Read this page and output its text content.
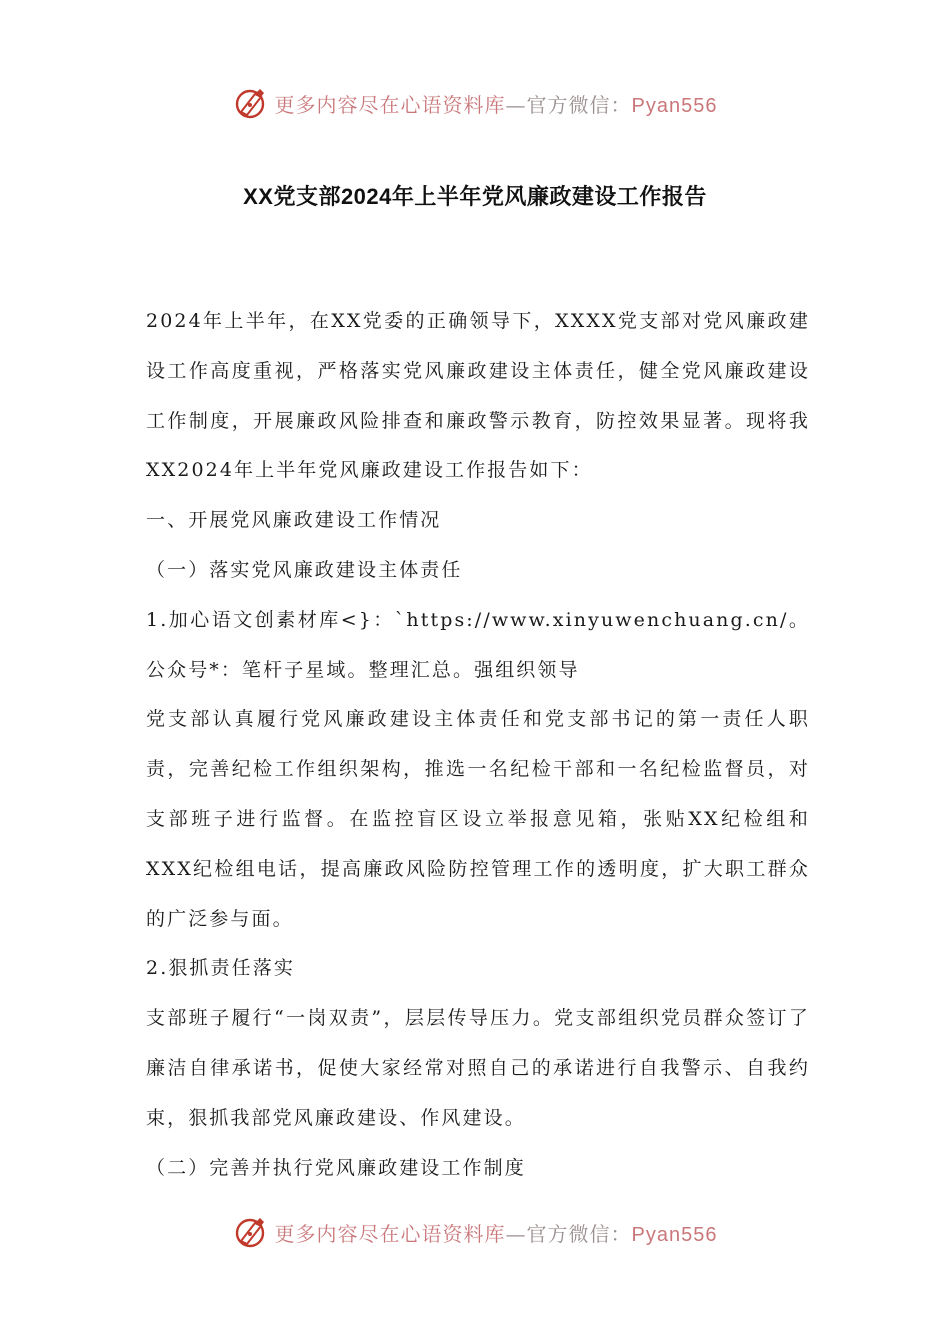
更多内容尽在心语资料库—官方微信：Pyan556
XX党支部2024年上半年党风廉政建设工作报告

2024年上半年，在XX党委的正确领导下，XXXX党支部对党风廉政建设工作高度重视，严格落实党风廉政建设主体责任，健全党风廉政建设工作制度，开展廉政风险排查和廉政警示教育，防控效果显著。现将我XX2024年上半年党风廉政建设工作报告如下：

一、开展党风廉政建设工作情况

（一）落实党风廉政建设主体责任

1.加心语文创素材库<}：`https://www.xinyuwenchuang.cn/。公众号*：笔杆子星域。整理汇总。强组织领导

党支部认真履行党风廉政建设主体责任和党支部书记的第一责任人职责，完善纪检工作组织架构，推选一名纪检干部和一名纪检监督员，对支部班子进行监督。在监控盲区设立举报意见箱，张贴XX纪检组和XXX纪检组电话，提高廉政风险防控管理工作的透明度，扩大职工群众的广泛参与面。

2.狠抓责任落实

支部班子履行“一岗双责”，层层传导压力。党支部组织党员群众签订了廉洁自律承诺书，促使大家经常对照自己的承诺进行自我警示、自我约束，狠抓我部党风廉政建设、作风建设。

（二）完善并执行党风廉政建设工作制度

更多内容尽在心语资料库—官方微信：Pyan556
